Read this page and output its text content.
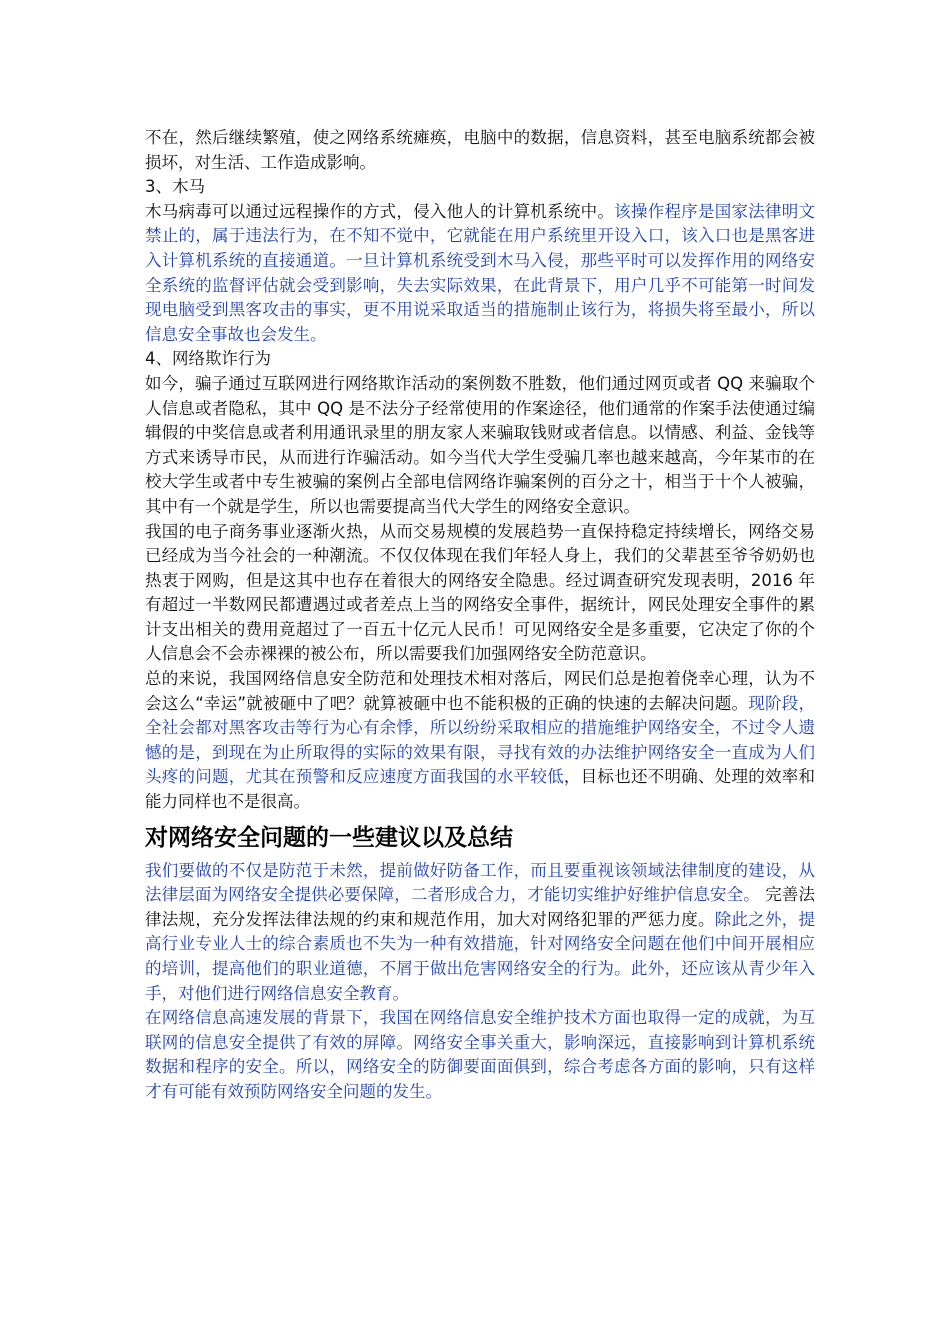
不在，然后继续繁殖，使之网络系统瘫痪，电脑中的数据，信息资料，甚至电脑系统都会被损坏，对生活、工作造成影响。

3、木马

木马病毒可以通过远程操作的方式，侵入他人的计算机系统中。该操作程序是国家法律明文禁止的，属于违法行为，在不知不觉中，它就能在用户系统里开设入口，该入口也是黑客进入计算机系统的直接通道。一旦计算机系统受到木马入侵，那些平时可以发挥作用的网络安全系统的监督评估就会受到影响，失去实际效果，在此背景下，用户几乎不可能第一时间发现电脑受到黑客攻击的事实，更不用说采取适当的措施制止该行为，将损失将至最小，所以信息安全事故也会发生。

4、网络欺诈行为

如今，骗子通过互联网进行网络欺诈活动的案例数不胜数，他们通过网页或者 QQ 来骗取个人信息或者隐私，其中 QQ 是不法分子经常使用的作案途径，他们通常的作案手法使通过编辑假的中奖信息或者利用通讯录里的朋友家人来骗取钱财或者信息。以情感、利益、金钱等方式来诱导市民，从而进行诈骗活动。如今当代大学生受骗几率也越来越高，今年某市的在校大学生或者中专生被骗的案例占全部电信网络诈骗案例的百分之十，相当于十个人被骗，其中有一个就是学生，所以也需要提高当代大学生的网络安全意识。

我国的电子商务事业逐渐火热，从而交易规模的发展趋势一直保持稳定持续增长，网络交易已经成为当今社会的一种潮流。不仅仅体现在我们年轻人身上，我们的父辈甚至爷爷奶奶也热衷于网购，但是这其中也存在着很大的网络安全隐患。经过调查研究发现表明，2016 年有超过一半数网民都遭遇过或者差点上当的网络安全事件，据统计，网民处理安全事件的累计支出相关的费用竟超过了一百五十亿元人民币！可见网络安全是多重要，它决定了你的个人信息会不会赤裸裸的被公布，所以需要我们加强网络安全防范意识。

总的来说，我国网络信息安全防范和处理技术相对落后，网民们总是抱着侥幸心理，认为不会这么“幸运”就被砸中了吧？就算被砸中也不能积极的正确的快速的去解决问题。现阶段，全社会都对黑客攻击等行为心有余悸，所以纷纷采取相应的措施维护网络安全，不过令人遗憾的是，到现在为止所取得的实际的效果有限，寻找有效的办法维护网络安全一直成为人们头疼的问题，尤其在预警和反应速度方面我国的水平较低，目标也还不明确、处理的效率和能力同样也不是很高。

对网络安全问题的一些建议以及总结

我们要做的不仅是防范于未然，提前做好防备工作，而且要重视该领域法律制度的建设，从法律层面为网络安全提供必要保障，二者形成合力，才能切实维护好维护信息安全。 完善法律法规，充分发挥法律法规的约束和规范作用，加大对网络犯罪的严惩力度。除此之外，提高行业专业人士的综合素质也不失为一种有效措施，针对网络安全问题在他们中间开展相应的培训，提高他们的职业道德，不屑于做出危害网络安全的行为。此外，还应该从青少年入手，对他们进行网络信息安全教育。

在网络信息高速发展的背景下，我国在网络信息安全维护技术方面也取得一定的成就，为互联网的信息安全提供了有效的屏障。网络安全事关重大，影响深远，直接影响到计算机系统数据和程序的安全。所以，网络安全的防御要面面俱到，综合考虑各方面的影响，只有这样才有可能有效预防网络安全问题的发生。
